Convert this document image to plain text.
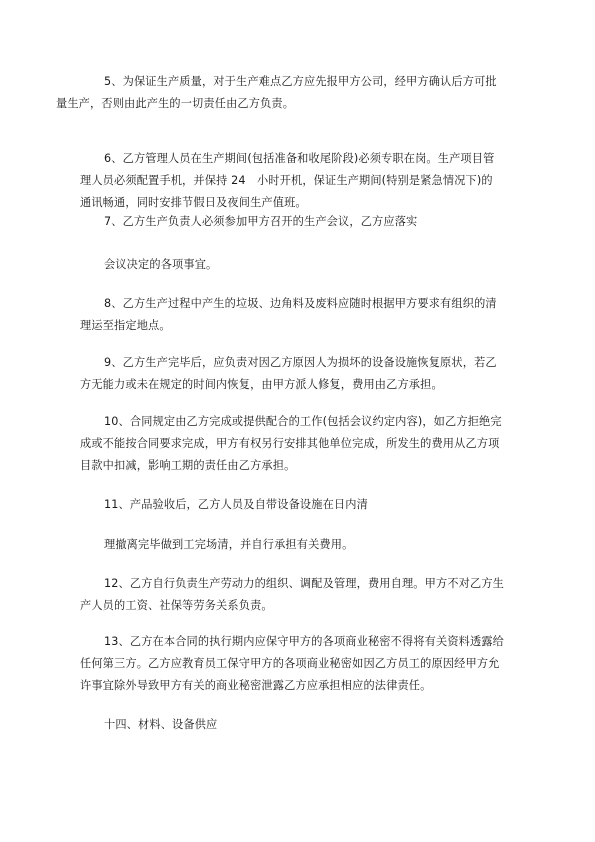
5、为保证生产质量，对于生产难点乙方应先报甲方公司，经甲方确认后方可批
量生产，否则由此产生的一切责任由乙方负责。
6、乙方管理人员在生产期间(包括准备和收尾阶段)必须专职在岗。生产项目管
理人员必须配置手机，并保持 24　小时开机，保证生产期间(特别是紧急情况下)的
通讯畅通，同时安排节假日及夜间生产值班。
7、乙方生产负责人必须参加甲方召开的生产会议，乙方应落实
会议决定的各项事宜。
8、乙方生产过程中产生的垃圾、边角料及废料应随时根据甲方要求有组织的清
理运至指定地点。
9、乙方生产完毕后，应负责对因乙方原因人为损坏的设备设施恢复原状，若乙
方无能力或未在规定的时间内恢复，由甲方派人修复，费用由乙方承担。
10、合同规定由乙方完成或提供配合的工作(包括会议约定内容)，如乙方拒绝完
成或不能按合同要求完成，甲方有权另行安排其他单位完成，所发生的费用从乙方项
目款中扣减，影响工期的责任由乙方承担。
11、产品验收后，乙方人员及自带设备设施在日内清
理撤离完毕做到工完场清，并自行承担有关费用。
12、乙方自行负责生产劳动力的组织、调配及管理，费用自理。甲方不对乙方生
产人员的工资、社保等劳务关系负责。
13、乙方在本合同的执行期内应保守甲方的各项商业秘密不得将有关资料透露给
任何第三方。乙方应教育员工保守甲方的各项商业秘密如因乙方员工的原因经甲方允
许事宜除外导致甲方有关的商业秘密泄露乙方应承担相应的法律责任。
十四、材料、设备供应
